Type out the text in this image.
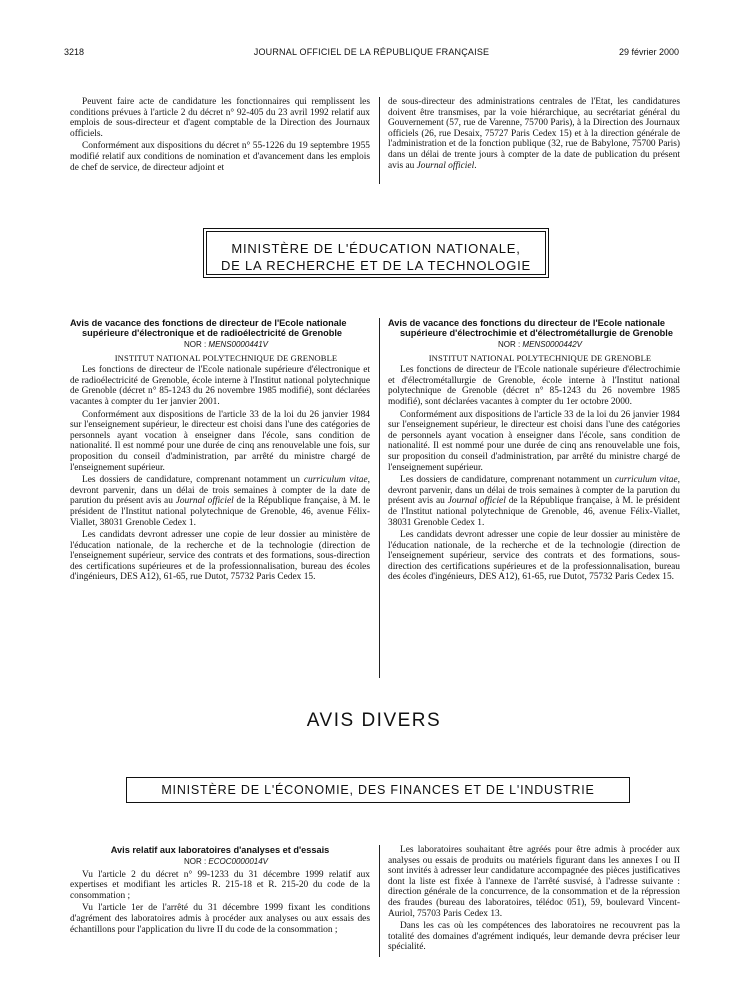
3218	JOURNAL OFFICIEL DE LA RÉPUBLIQUE FRANÇAISE	29 février 2000

Peuvent faire acte de candidature les fonctionnaires qui remplissent les conditions prévues à l'article 2 du décret n° 92-405 du 23 avril 1992 relatif aux emplois de sous-directeur et d'agent comptable de la Direction des Journaux officiels.

Conformément aux dispositions du décret n° 55-1226 du 19 septembre 1955 modifié relatif aux conditions de nomination et d'avancement dans les emplois de chef de service, de directeur adjoint et

de sous-directeur des administrations centrales de l'Etat, les candidatures doivent être transmises, par la voie hiérarchique, au secrétariat général du Gouvernement (57, rue de Varenne, 75700 Paris), à la Direction des Journaux officiels (26, rue Desaix, 75727 Paris Cedex 15) et à la direction générale de l'administration et de la fonction publique (32, rue de Babylone, 75700 Paris) dans un délai de trente jours à compter de la date de publication du présent avis au Journal officiel.

MINISTÈRE DE L'ÉDUCATION NATIONALE,
DE LA RECHERCHE ET DE LA TECHNOLOGIE

Avis de vacance des fonctions de directeur de l'Ecole nationale supérieure d'électronique et de radioélectricité de Grenoble

NOR : MENS0000441V

INSTITUT NATIONAL POLYTECHNIQUE DE GRENOBLE

Les fonctions de directeur de l'Ecole nationale supérieure d'électronique et de radioélectricité de Grenoble, école interne à l'Institut national polytechnique de Grenoble (décret n° 85-1243 du 26 novembre 1985 modifié), sont déclarées vacantes à compter du 1er janvier 2001.

Conformément aux dispositions de l'article 33 de la loi du 26 janvier 1984 sur l'enseignement supérieur, le directeur est choisi dans l'une des catégories de personnels ayant vocation à enseigner dans l'école, sans condition de nationalité. Il est nommé pour une durée de cinq ans renouvelable une fois, sur proposition du conseil d'administration, par arrêté du ministre chargé de l'enseignement supérieur.

Les dossiers de candidature, comprenant notamment un curriculum vitae, devront parvenir, dans un délai de trois semaines à compter de la date de parution du présent avis au Journal officiel de la République française, à M. le président de l'Institut national polytechnique de Grenoble, 46, avenue Félix-Viallet, 38031 Grenoble Cedex 1.

Les candidats devront adresser une copie de leur dossier au ministère de l'éducation nationale, de la recherche et de la technologie (direction de l'enseignement supérieur, service des contrats et des formations, sous-direction des certifications supérieures et de la professionnalisation, bureau des écoles d'ingénieurs, DES A12), 61-65, rue Dutot, 75732 Paris Cedex 15.

Avis de vacance des fonctions du directeur de l'Ecole nationale supérieure d'électrochimie et d'électrométallurgie de Grenoble

NOR : MENS0000442V

INSTITUT NATIONAL POLYTECHNIQUE DE GRENOBLE

Les fonctions de directeur de l'Ecole nationale supérieure d'électrochimie et d'électrométallurgie de Grenoble, école interne à l'Institut national polytechnique de Grenoble (décret n° 85-1243 du 26 novembre 1985 modifié), sont déclarées vacantes à compter du 1er octobre 2000.

Conformément aux dispositions de l'article 33 de la loi du 26 janvier 1984 sur l'enseignement supérieur, le directeur est choisi dans l'une des catégories de personnels ayant vocation à enseigner dans l'école, sans condition de nationalité. Il est nommé pour une durée de cinq ans renouvelable une fois, sur proposition du conseil d'administration, par arrêté du ministre chargé de l'enseignement supérieur.

Les dossiers de candidature, comprenant notamment un curriculum vitae, devront parvenir, dans un délai de trois semaines à compter de la parution du présent avis au Journal officiel de la République française, à M. le président de l'Institut national polytechnique de Grenoble, 46, avenue Félix-Viallet, 38031 Grenoble Cedex 1.

Les candidats devront adresser une copie de leur dossier au ministère de l'éducation nationale, de la recherche et de la technologie (direction de l'enseignement supérieur, service des contrats et des formations, sous-direction des certifications supérieures et de la professionnalisation, bureau des écoles d'ingénieurs, DES A12), 61-65, rue Dutot, 75732 Paris Cedex 15.

AVIS DIVERS
MINISTÈRE DE L'ÉCONOMIE, DES FINANCES ET DE L'INDUSTRIE

Avis relatif aux laboratoires d'analyses et d'essais

NOR : ECOC0000014V

Vu l'article 2 du décret n° 99-1233 du 31 décembre 1999 relatif aux expertises et modifiant les articles R. 215-18 et R. 215-20 du code de la consommation ;

Vu l'article 1er de l'arrêté du 31 décembre 1999 fixant les conditions d'agrément des laboratoires admis à procéder aux analyses ou aux essais des échantillons pour l'application du livre II du code de la consommation ;

Les laboratoires souhaitant être agréés pour être admis à procéder aux analyses ou essais de produits ou matériels figurant dans les annexes I ou II sont invités à adresser leur candidature accompagnée des pièces justificatives dont la liste est fixée à l'annexe de l'arrêté susvisé, à l'adresse suivante : direction générale de la concurrence, de la consommation et de la répression des fraudes (bureau des laboratoires, télédoc 051), 59, boulevard Vincent-Auriol, 75703 Paris Cedex 13.

Dans les cas où les compétences des laboratoires ne recouvrent pas la totalité des domaines d'agrément indiqués, leur demande devra préciser leur spécialité.
